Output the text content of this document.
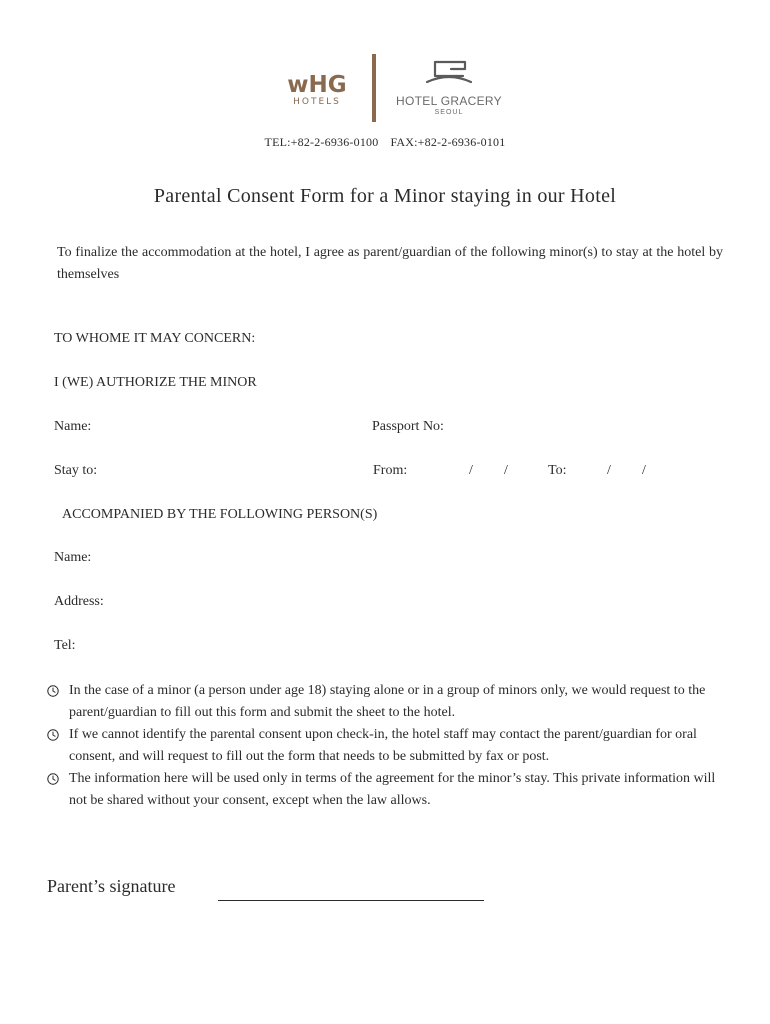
wHG
HOTELS	HOTEL GRACERY
SEOUL
TEL:+82-2-6936-0100 FAX:+82-2-6936-0101
Parental Consent Form for a Minor staying in our Hotel
To finalize the accommodation at the hotel, I agree as parent/guardian of the following minor(s) to stay at the hotel by themselves
TO WHOME IT MAY CONCERN:
I (WE) AUTHORIZE THE MINOR
Name:	Passport No:
Stay to:	From:	/ /	To:	/ /
ACCOMPANIED BY THE FOLLOWING PERSON(S)
Name:
Address:
Tel:
In the case of a minor (a person under age 18) staying alone or in a group of minors only, we would request to the parent/guardian to fill out this form and submit the sheet to the hotel.
If we cannot identify the parental consent upon check-in, the hotel staff may contact the parent/guardian for oral consent, and will request to fill out the form that needs to be submitted by fax or post.
The information here will be used only in terms of the agreement for the minor’s stay. This private information will not be shared without your consent, except when the law allows.
Parent’s signature
